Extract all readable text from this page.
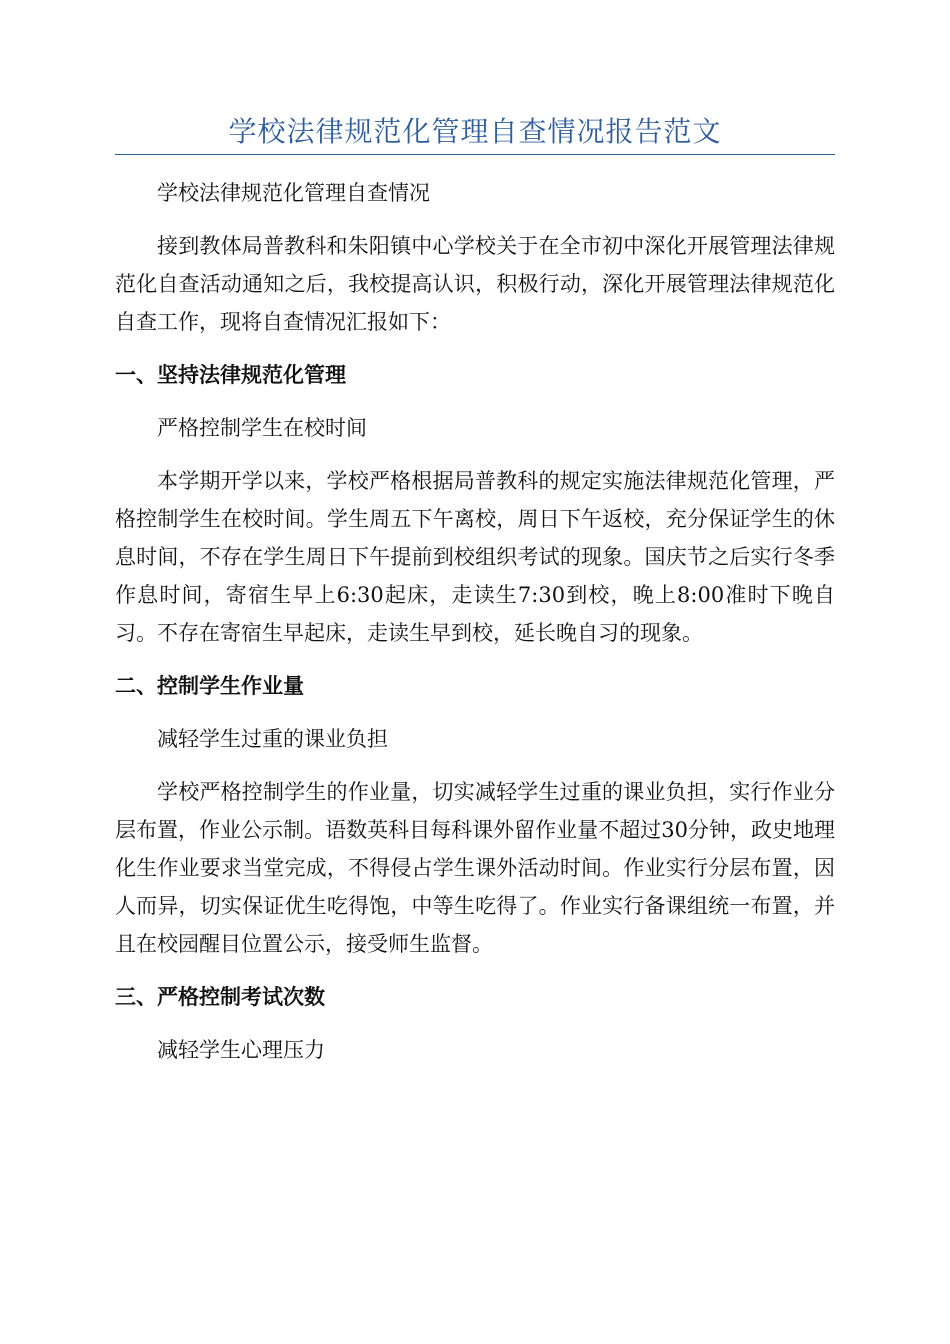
学校法律规范化管理自查情况报告范文

学校法律规范化管理自查情况

接到教体局普教科和朱阳镇中心学校关于在全市初中深化开展管理法律规范化自查活动通知之后，我校提高认识，积极行动，深化开展管理法律规范化自查工作，现将自查情况汇报如下：

一、坚持法律规范化管理

严格控制学生在校时间

本学期开学以来，学校严格根据局普教科的规定实施法律规范化管理，严格控制学生在校时间。学生周五下午离校，周日下午返校，充分保证学生的休息时间，不存在学生周日下午提前到校组织考试的现象。国庆节之后实行冬季作息时间，寄宿生早上6:30起床，走读生7:30到校，晚上8:00准时下晚自习。不存在寄宿生早起床，走读生早到校，延长晚自习的现象。

二、控制学生作业量

减轻学生过重的课业负担

学校严格控制学生的作业量，切实减轻学生过重的课业负担，实行作业分层布置，作业公示制。语数英科目每科课外留作业量不超过30分钟，政史地理化生作业要求当堂完成，不得侵占学生课外活动时间。作业实行分层布置，因人而异，切实保证优生吃得饱，中等生吃得了。作业实行备课组统一布置，并且在校园醒目位置公示，接受师生监督。

三、严格控制考试次数

减轻学生心理压力
